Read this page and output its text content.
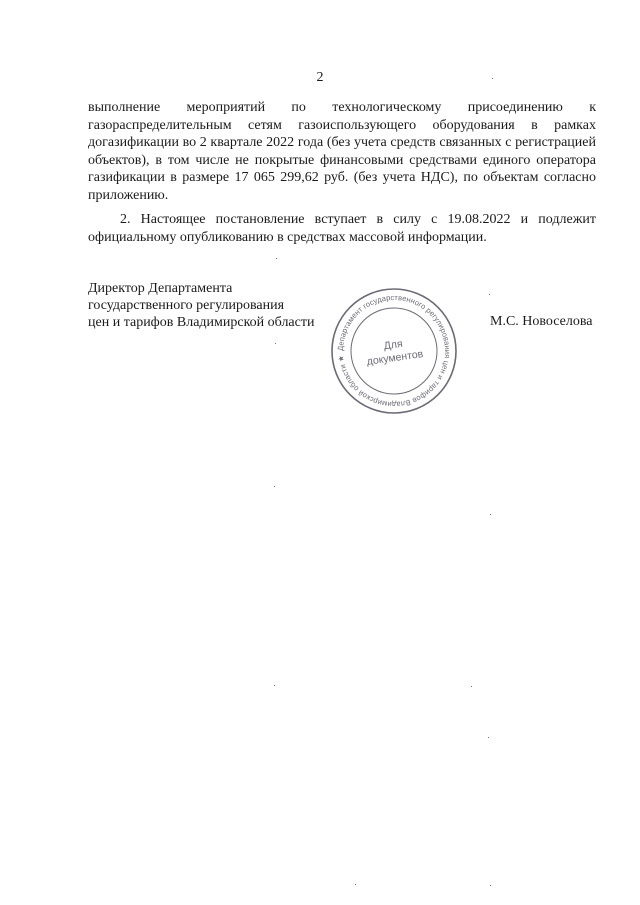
2

выполнение мероприятий по технологическому присоединению к газораспределительным сетям газоиспользующего оборудования в рамках догазификации во 2 квартале 2022 года (без учета средств связанных с регистрацией объектов), в том числе не покрытые финансовыми средствами единого оператора газификации в размере 17 065 299,62 руб. (без учета НДС), по объектам согласно приложению.

2. Настоящее постановление вступает в силу с 19.08.2022 и подлежит официальному опубликованию в средствах массовой информации.

Директор Департамента
государственного регулирования
цен и тарифов Владимирской области
Департамент государственного регулирования цен и тарифов Владимирской области ★
Для
документов
М.С. Новоселова
